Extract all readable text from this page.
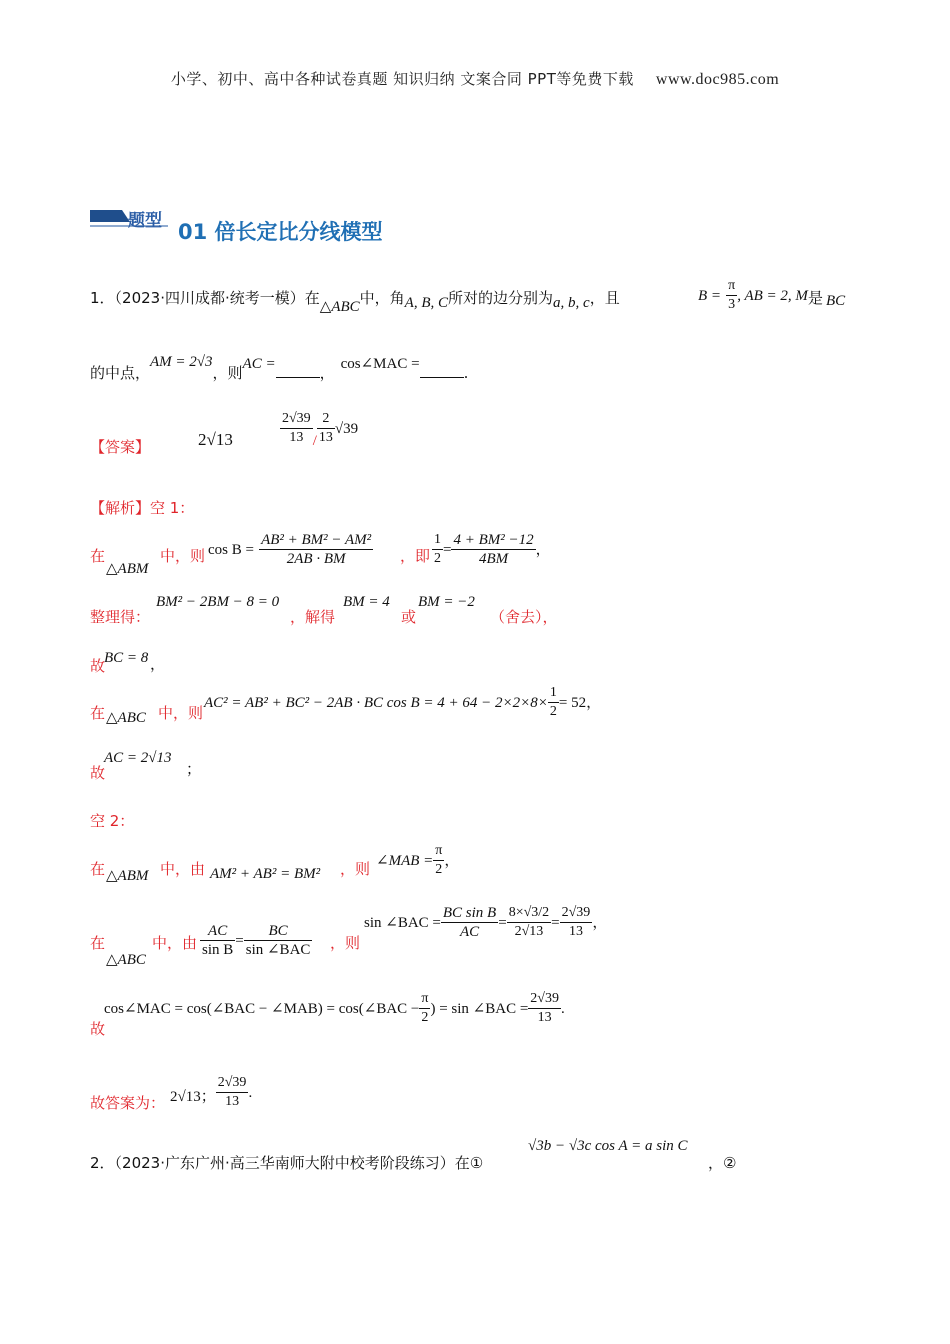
小学、初中、高中各种试卷真题 知识归纳 文案合同 PPT等免费下载 www.doc985.com
题型 01 倍长定比分线模型
1．（2023·四川成都·统考一模）在△ABC中，角A, B, C所对的边分别为a, b, c，且	$B = \frac{\pi}{3}$ , AB = 2, M 是 BC
的中点，AM = 2√3，则AC =	， cos∠MAC =	.
【答案】	2√13	$\frac{2√39}{13} / \frac{2}{13} √39$
【解析】空 1：
在
△ABM
中，则 $\cos B = \frac{\text{AB² + BM² − AM²}}{2AB \cdot BM}$ ，即 $\frac{1}{2} = \frac{\text{4 + BM² −12}}{4BM}$ ，
整理得：
BM² − 2BM − 8 = 0
，解得
BM = 4
或
BM = −2
（舍去），
故
BC = 8 ，
在 △ABC 中，则
AC² = AB² + BC² − 2AB · BC $\cos B = 4 + 64 - 2\times 2\times 8\times \frac{1}{2} = 52$，
故
AC = 2√13
；
空 2：
在 △ABM 中，由 AM² + AB² = BM² ，则 ∠MAB = $\frac{\pi}{2}$ ，
在
△ABC
中，由 $\frac{AC}{\text{sin B}} = \frac{BC}{\text{sin ∠BAC}}$ ，则
sin ∠BAC = $\frac{\text{BC sin B}}{AC} = \frac{8\times√3/2}{2√13} = \frac{2√39}{13}$ ，
故
cos∠MAC = cos(∠BAC − ∠MAB) = cos(∠BAC − $\frac{\pi}{2}$ ) = sin ∠BAC = $\frac{2√39}{13}$ .
故答案为： 2√13； $\frac{2√39}{13}$ .
2．（2023·广东广州·高三华南师大附中校考阶段练习）在①
√3b − √3c cos A = a sin C
，②
